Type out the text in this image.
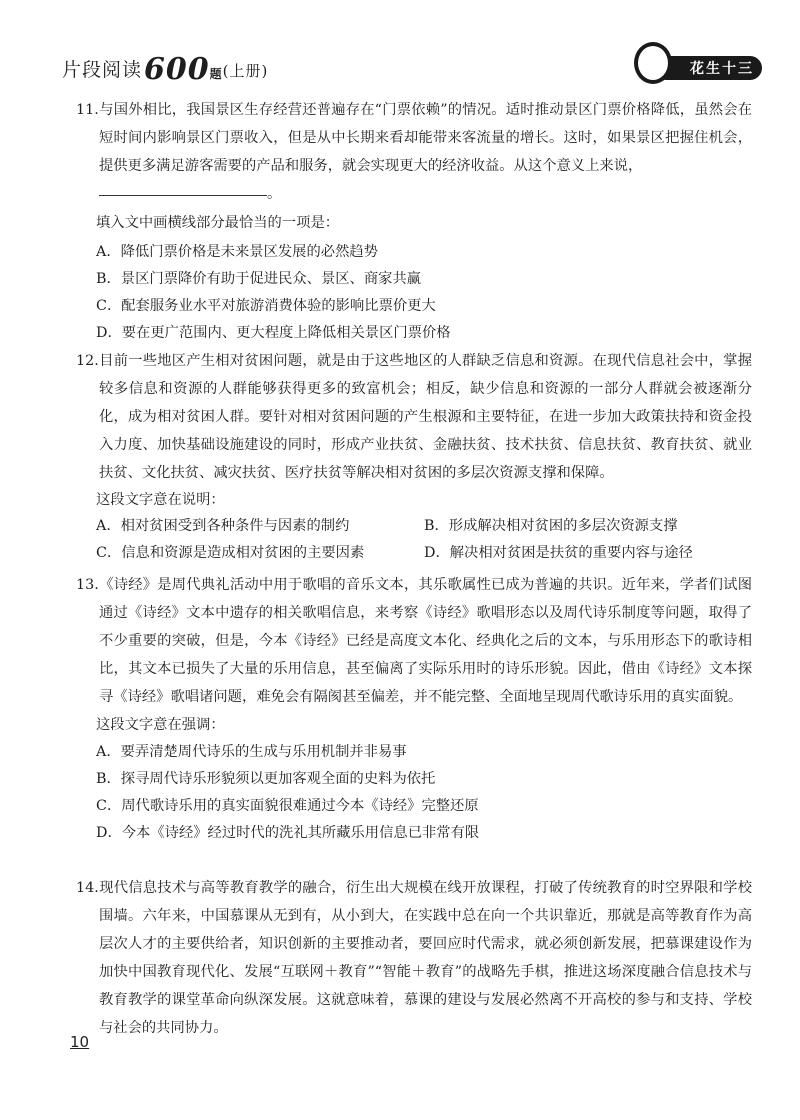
片段阅读600题(上册)	花生十三

11.与国外相比，我国景区生存经营还普遍存在“门票依赖”的情况。适时推动景区门票价格降低，虽然会在短时间内影响景区门票收入，但是从中长期来看却能带来客流量的增长。这时，如果景区把握住机会，提供更多满足游客需要的产品和服务，就会实现更大的经济收益。从这个意义上来说，
。

填入文中画横线部分最恰当的一项是：

A．降低门票价格是未来景区发展的必然趋势

B．景区门票降价有助于促进民众、景区、商家共赢

C．配套服务业水平对旅游消费体验的影响比票价更大

D．要在更广范围内、更大程度上降低相关景区门票价格

12.目前一些地区产生相对贫困问题，就是由于这些地区的人群缺乏信息和资源。在现代信息社会中，掌握较多信息和资源的人群能够获得更多的致富机会；相反，缺少信息和资源的一部分人群就会被逐渐分化，成为相对贫困人群。要针对相对贫困问题的产生根源和主要特征，在进一步加大政策扶持和资金投入力度、加快基础设施建设的同时，形成产业扶贫、金融扶贫、技术扶贫、信息扶贫、教育扶贫、就业扶贫、文化扶贫、减灾扶贫、医疗扶贫等解决相对贫困的多层次资源支撑和保障。

这段文字意在说明：

A．相对贫困受到各种条件与因素的制约	B．形成解决相对贫困的多层次资源支撑
C．信息和资源是造成相对贫困的主要因素	D．解决相对贫困是扶贫的重要内容与途径

13.《诗经》是周代典礼活动中用于歌唱的音乐文本，其乐歌属性已成为普遍的共识。近年来，学者们试图通过《诗经》文本中遗存的相关歌唱信息，来考察《诗经》歌唱形态以及周代诗乐制度等问题，取得了不少重要的突破，但是，今本《诗经》已经是高度文本化、经典化之后的文本，与乐用形态下的歌诗相比，其文本已损失了大量的乐用信息，甚至偏离了实际乐用时的诗乐形貌。因此，借由《诗经》文本探寻《诗经》歌唱诸问题，难免会有隔阂甚至偏差，并不能完整、全面地呈现周代歌诗乐用的真实面貌。

这段文字意在强调：

A．要弄清楚周代诗乐的生成与乐用机制并非易事

B．探寻周代诗乐形貌须以更加客观全面的史料为依托

C．周代歌诗乐用的真实面貌很难通过今本《诗经》完整还原

D．今本《诗经》经过时代的洗礼其所藏乐用信息已非常有限

14.现代信息技术与高等教育教学的融合，衍生出大规模在线开放课程，打破了传统教育的时空界限和学校围墙。六年来，中国慕课从无到有，从小到大，在实践中总在向一个共识靠近，那就是高等教育作为高层次人才的主要供给者，知识创新的主要推动者，要回应时代需求，就必须创新发展，把慕课建设作为加快中国教育现代化、发展“互联网＋教育”“智能＋教育”的战略先手棋，推进这场深度融合信息技术与教育教学的课堂革命向纵深发展。这就意味着，慕课的建设与发展必然离不开高校的参与和支持、学校与社会的共同协力。

10
